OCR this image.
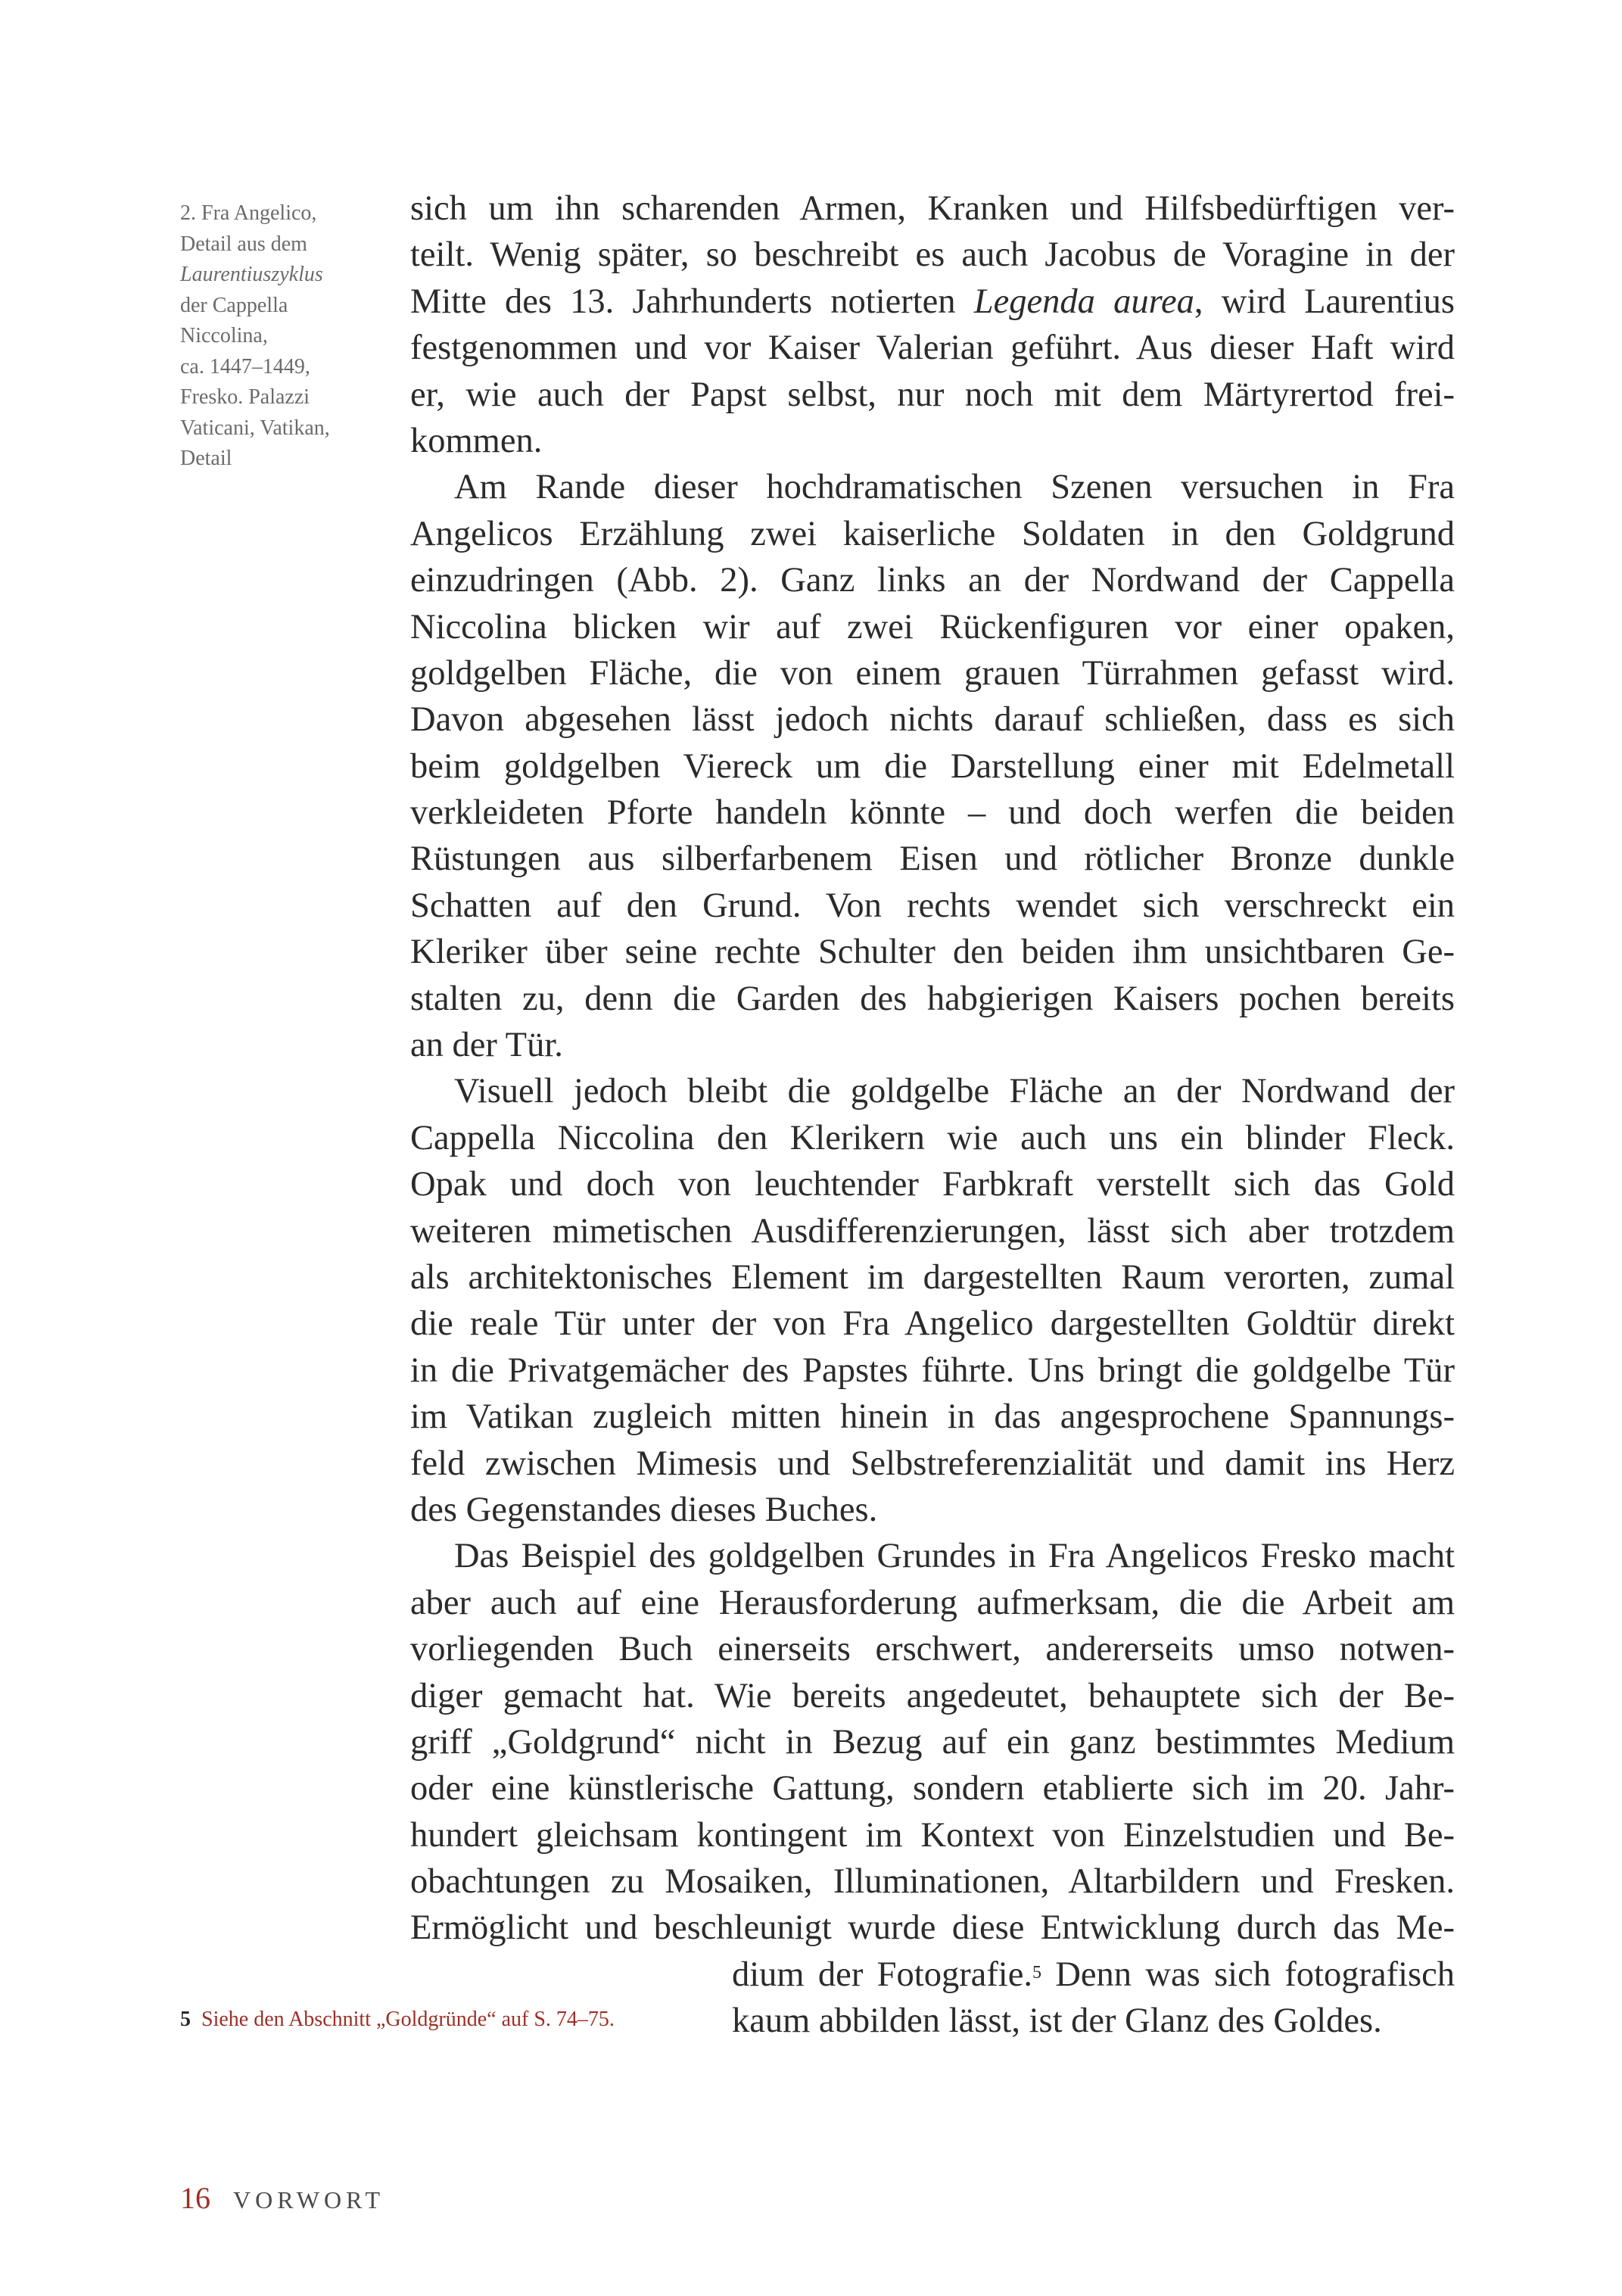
2. Fra Angelico,
Detail aus dem
Laurentiuszyklus
der Cappella
Niccolina,
ca. 1447–1449,
Fresko. Palazzi
Vaticani, Vatikan,
Detail
sich um ihn scharenden Armen, Kranken und Hilfsbedürftigen ver-
teilt. Wenig später, so beschreibt es auch Jacobus de Voragine in der
Mitte des 13. Jahrhunderts notierten Legenda aurea, wird Laurentius
festgenommen und vor Kaiser Valerian geführt. Aus dieser Haft wird
er, wie auch der Papst selbst, nur noch mit dem Märtyrertod frei-
kommen.
Am Rande dieser hochdramatischen Szenen versuchen in Fra
Angelicos Erzählung zwei kaiserliche Soldaten in den Goldgrund
einzudringen (Abb. 2). Ganz links an der Nordwand der Cappella
Niccolina blicken wir auf zwei Rückenfiguren vor einer opaken,
goldgelben Fläche, die von einem grauen Türrahmen gefasst wird.
Davon abgesehen lässt jedoch nichts darauf schließen, dass es sich
beim goldgelben Viereck um die Darstellung einer mit Edelmetall
verkleideten Pforte handeln könnte – und doch werfen die beiden
Rüstungen aus silberfarbenem Eisen und rötlicher Bronze dunkle
Schatten auf den Grund. Von rechts wendet sich verschreckt ein
Kleriker über seine rechte Schulter den beiden ihm unsichtbaren Ge-
stalten zu, denn die Garden des habgierigen Kaisers pochen bereits
an der Tür.
Visuell jedoch bleibt die goldgelbe Fläche an der Nordwand der
Cappella Niccolina den Klerikern wie auch uns ein blinder Fleck.
Opak und doch von leuchtender Farbkraft verstellt sich das Gold
weiteren mimetischen Ausdifferenzierungen, lässt sich aber trotzdem
als architektonisches Element im dargestellten Raum verorten, zumal
die reale Tür unter der von Fra Angelico dargestellten Goldtür direkt
in die Privatgemächer des Papstes führte. Uns bringt die goldgelbe Tür
im Vatikan zugleich mitten hinein in das angesprochene Spannungs-
feld zwischen Mimesis und Selbstreferenzialität und damit ins Herz
des Gegenstandes dieses Buches.
Das Beispiel des goldgelben Grundes in Fra Angelicos Fresko macht
aber auch auf eine Herausforderung aufmerksam, die die Arbeit am
vorliegenden Buch einerseits erschwert, andererseits umso notwen-
diger gemacht hat. Wie bereits angedeutet, behauptete sich der Be-
griff „Goldgrund“ nicht in Bezug auf ein ganz bestimmtes Medium
oder eine künstlerische Gattung, sondern etablierte sich im 20. Jahr-
hundert gleichsam kontingent im Kontext von Einzelstudien und Be-
obachtungen zu Mosaiken, Illuminationen, Altarbildern und Fresken.
Ermöglicht und beschleunigt wurde diese Entwicklung durch das Me-
dium der Fotografie.$^5$ Denn was sich fotografisch
kaum abbilden lässt, ist der Glanz des Goldes.
5 Siehe den Abschnitt „Goldgründe“ auf S. 74–75.
16 VORWORT
